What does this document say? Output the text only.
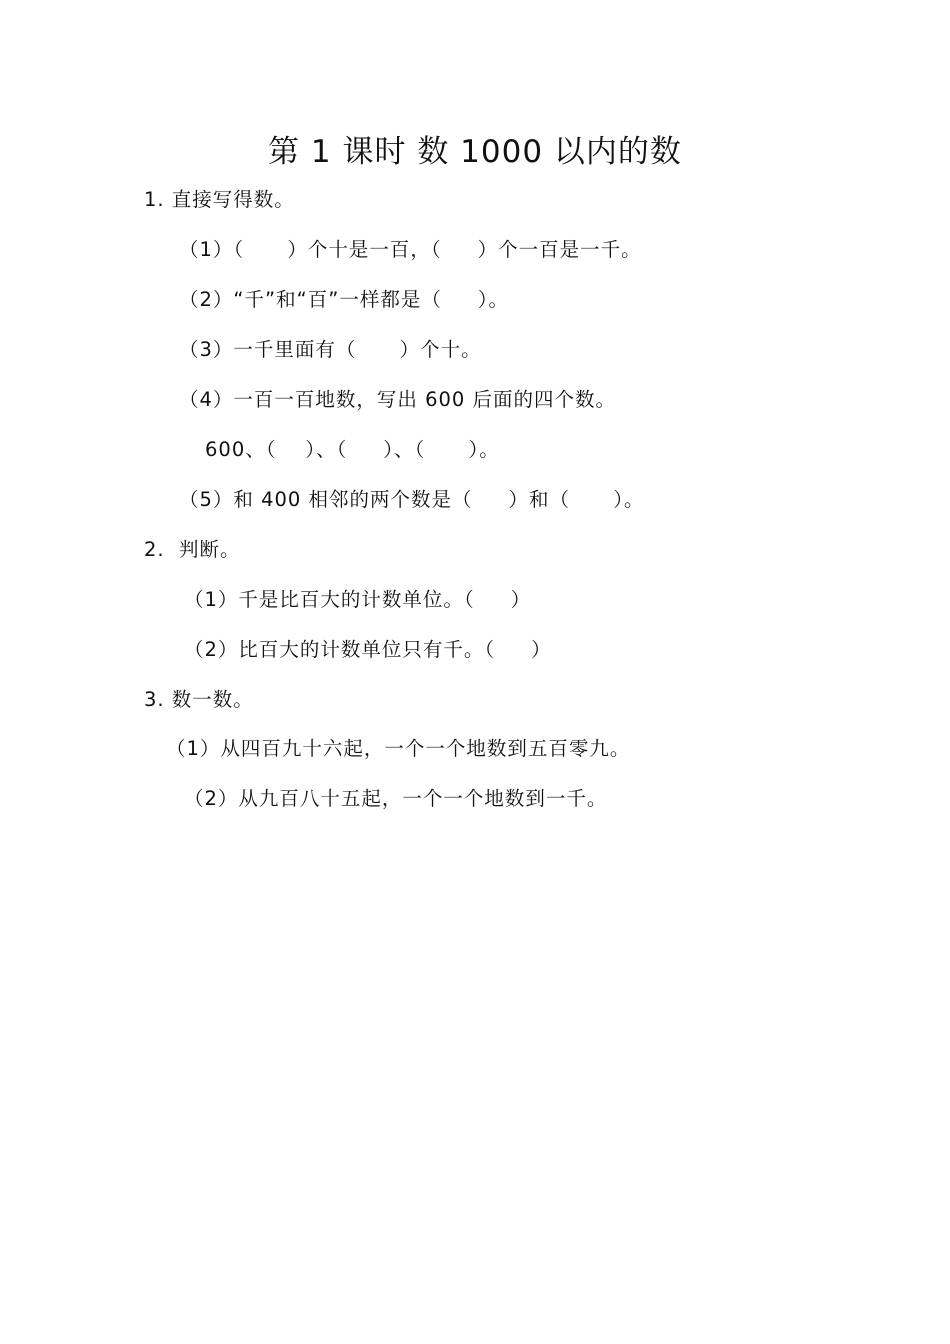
第 1 课时 数 1000 以内的数
1. 直接写得数。
（1）（      ）个十是一百，（     ）个一百是一千。
（2）“千”和“百”一样都是（     ）。
（3）一千里面有（      ）个十。
（4）一百一百地数，写出 600 后面的四个数。
600、（    ）、（     ）、（      ）。
（5）和 400 相邻的两个数是（     ）和（      ）。
2.  判断。
（1）千是比百大的计数单位。（     ）
（2）比百大的计数单位只有千。（     ）
3. 数一数。
（1）从四百九十六起，一个一个地数到五百零九。
（2）从九百八十五起，一个一个地数到一千。
